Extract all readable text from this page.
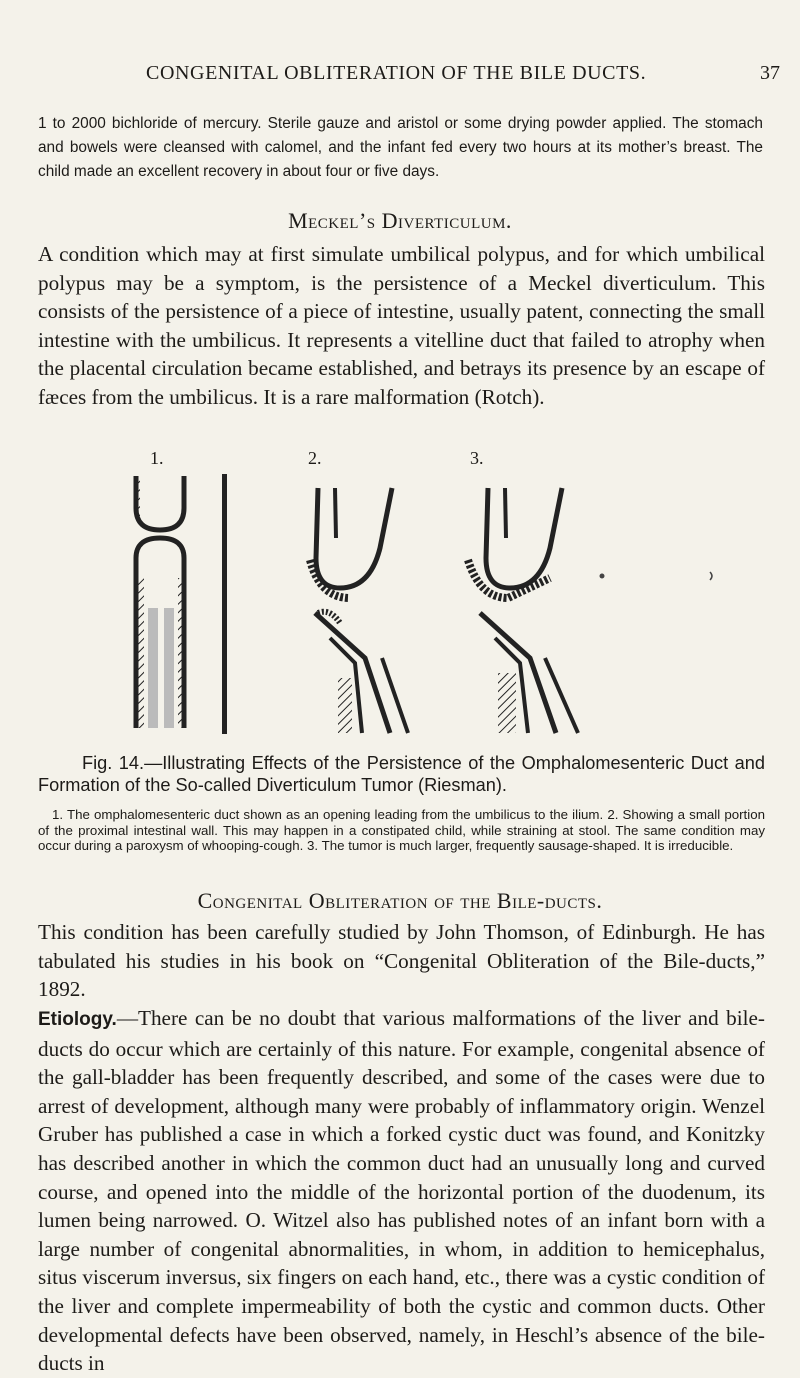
CONGENITAL OBLITERATION OF THE BILE DUCTS.	37

1 to 2000 bichloride of mercury. Sterile gauze and aristol or some drying powder applied. The stomach and bowels were cleansed with calomel, and the infant fed every two hours at its mother’s breast. The child made an excellent recovery in about four or five days.

Meckel’s Diverticulum.

A condition which may at first simulate umbilical polypus, and for which umbilical polypus may be a symptom, is the persistence of a Meckel diverticulum. This consists of the persistence of a piece of intestine, usually patent, connecting the small intestine with the umbilicus. It represents a vitelline duct that failed to atrophy when the placental circulation became established, and betrays its presence by an escape of fæces from the umbilicus. It is a rare malformation (Rotch).

1.	2.	3.
Fig. 14.—Illustrating Effects of the Persistence of the Omphalomesenteric Duct and Formation of the So-called Diverticulum Tumor (Riesman).

1. The omphalomesenteric duct shown as an opening leading from the umbilicus to the ilium. 2. Showing a small portion of the proximal intestinal wall. This may happen in a constipated child, while straining at stool. The same condition may occur during a paroxysm of whooping-cough. 3. The tumor is much larger, frequently sausage-shaped. It is irreducible.

Congenital Obliteration of the Bile-ducts.

This condition has been carefully studied by John Thomson, of Edinburgh. He has tabulated his studies in his book on “Congenital Obliteration of the Bile-ducts,” 1892.

Etiology.—There can be no doubt that various malformations of the liver and bile-ducts do occur which are certainly of this nature. For example, congenital absence of the gall-bladder has been frequently described, and some of the cases were due to arrest of development, although many were probably of inflammatory origin. Wenzel Gruber has published a case in which a forked cystic duct was found, and Konitzky has described another in which the common duct had an unusually long and curved course, and opened into the middle of the horizontal portion of the duodenum, its lumen being narrowed. O. Witzel also has published notes of an infant born with a large number of congenital abnormalities, in whom, in addition to hemicephalus, situs viscerum inversus, six fingers on each hand, etc., there was a cystic condition of the liver and complete impermeability of both the cystic and common ducts. Other developmental defects have been observed, namely, in Heschl’s absence of the bile-ducts in
